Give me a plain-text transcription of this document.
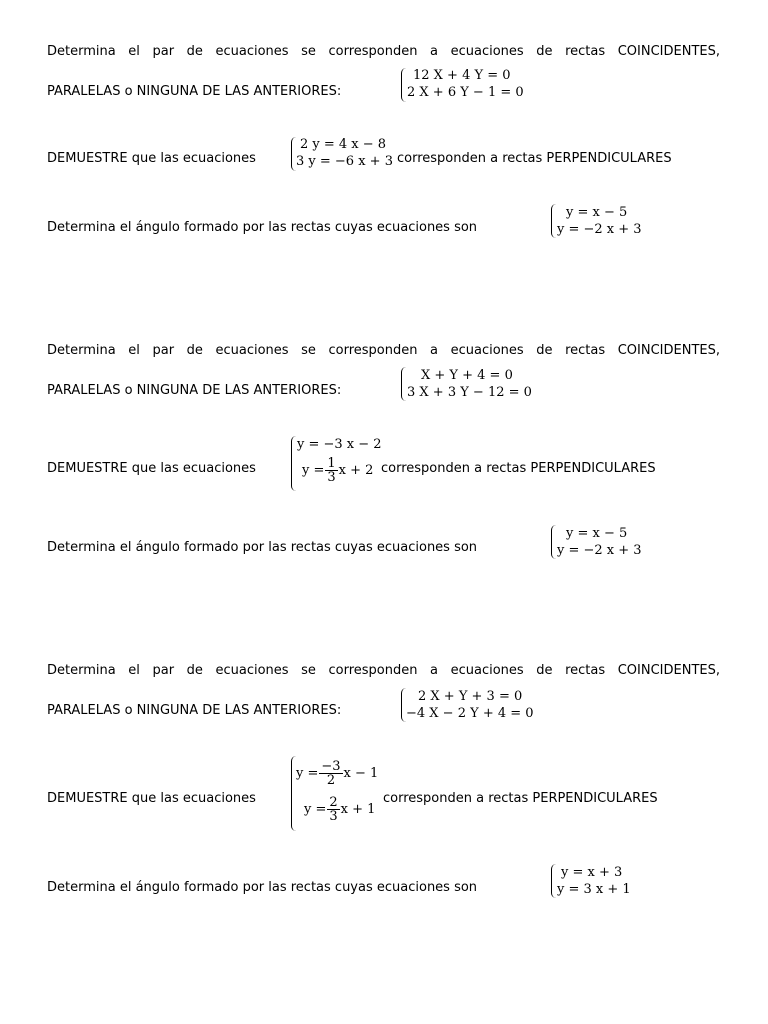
Determina el par de ecuaciones se corresponden a ecuaciones de rectas COINCIDENTES,
PARALELAS o NINGUNA DE LAS ANTERIORES:
12 X + 4 Y = 0
2 X + 6 Y − 1 = 0
DEMUESTRE que las ecuaciones
2 y = 4 x − 8
3 y = −6 x + 3 corresponden a rectas PERPENDICULARES
Determina el ángulo formado por las rectas cuyas ecuaciones son
y = x − 5
y = −2 x + 3
Determina el par de ecuaciones se corresponden a ecuaciones de rectas COINCIDENTES,
PARALELAS o NINGUNA DE LAS ANTERIORES:
X + Y + 4 = 0
3 X + 3 Y − 12 = 0
DEMUESTRE que las ecuaciones
y = −3 x − 2
$y = \frac{1}{3}$ x + 2 corresponden a rectas PERPENDICULARES
Determina el ángulo formado por las rectas cuyas ecuaciones son
y = x − 5
y = −2 x + 3
Determina el par de ecuaciones se corresponden a ecuaciones de rectas COINCIDENTES,
PARALELAS o NINGUNA DE LAS ANTERIORES:
2 X + Y + 3 = 0
−4 X − 2 Y + 4 = 0
DEMUESTRE que las ecuaciones
$y = \frac{-3}{2}$ x − 1
$y = \frac{2}{3}$ x + 1
corresponden a rectas PERPENDICULARES
Determina el ángulo formado por las rectas cuyas ecuaciones son
y = x + 3
y = 3 x + 1
